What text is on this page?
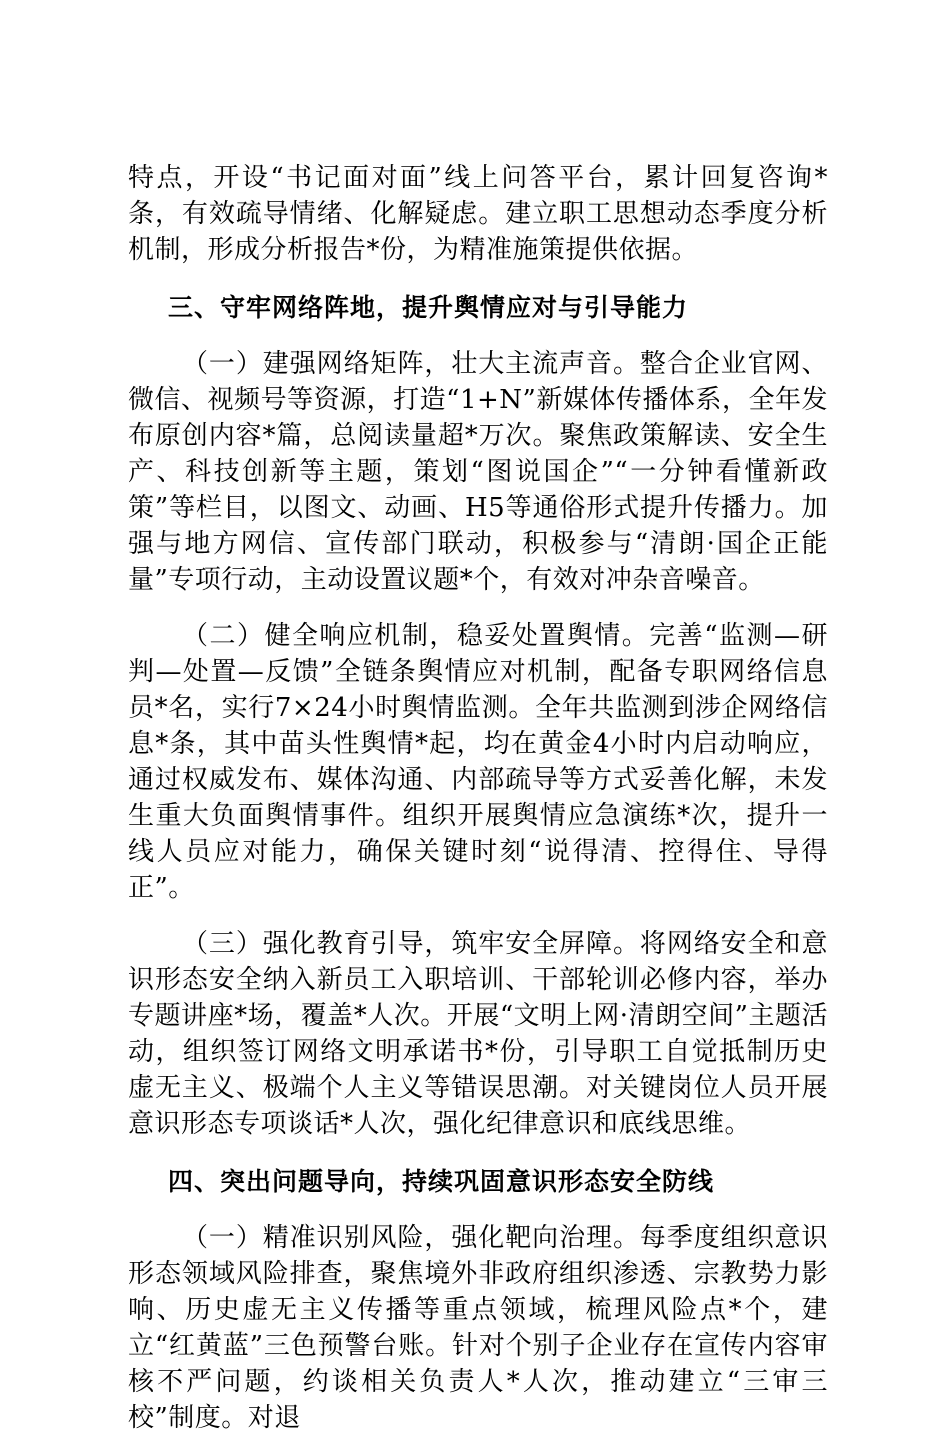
特点，开设“书记面对面”线上问答平台，累计回复咨询*条，有效疏导情绪、化解疑虑。建立职工思想动态季度分析机制，形成分析报告*份，为精准施策提供依据。

三、守牢网络阵地，提升舆情应对与引导能力

（一）建强网络矩阵，壮大主流声音。整合企业官网、微信、视频号等资源，打造“1+N”新媒体传播体系，全年发布原创内容*篇，总阅读量超*万次。聚焦政策解读、安全生产、科技创新等主题，策划“图说国企”“一分钟看懂新政策”等栏目，以图文、动画、H5等通俗形式提升传播力。加强与地方网信、宣传部门联动，积极参与“清朗·国企正能量”专项行动，主动设置议题*个，有效对冲杂音噪音。

（二）健全响应机制，稳妥处置舆情。完善“监测—研判—处置—反馈”全链条舆情应对机制，配备专职网络信息员*名，实行7×24小时舆情监测。全年共监测到涉企网络信息*条，其中苗头性舆情*起，均在黄金4小时内启动响应，通过权威发布、媒体沟通、内部疏导等方式妥善化解，未发生重大负面舆情事件。组织开展舆情应急演练*次，提升一线人员应对能力，确保关键时刻“说得清、控得住、导得正”。

（三）强化教育引导，筑牢安全屏障。将网络安全和意识形态安全纳入新员工入职培训、干部轮训必修内容，举办专题讲座*场，覆盖*人次。开展“文明上网·清朗空间”主题活动，组织签订网络文明承诺书*份，引导职工自觉抵制历史虚无主义、极端个人主义等错误思潮。对关键岗位人员开展意识形态专项谈话*人次，强化纪律意识和底线思维。

四、突出问题导向，持续巩固意识形态安全防线

（一）精准识别风险，强化靶向治理。每季度组织意识形态领域风险排查，聚焦境外非政府组织渗透、宗教势力影响、历史虚无主义传播等重点领域，梳理风险点*个，建立“红黄蓝”三色预警台账。针对个别子企业存在宣传内容审核不严问题，约谈相关负责人*人次，推动建立“三审三校”制度。对退
